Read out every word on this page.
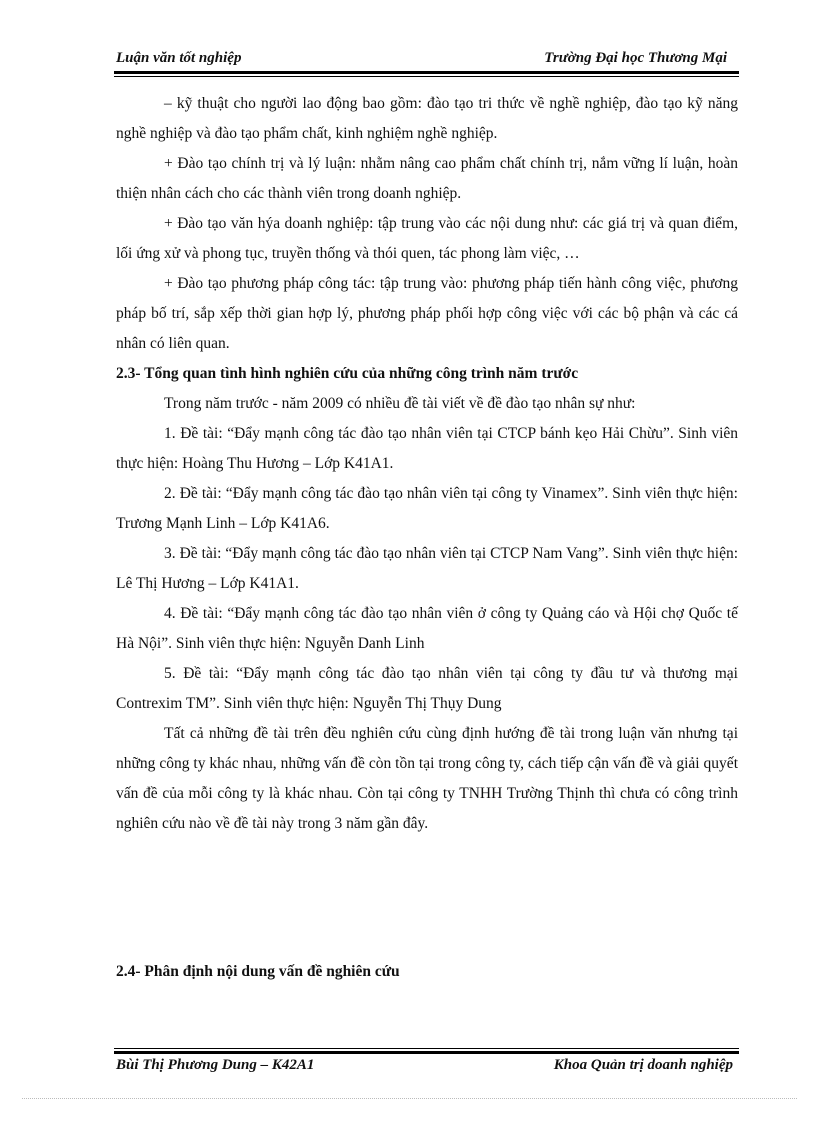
Luận văn tốt nghiệp	Trường Đại học Thương Mại

– kỹ thuật cho người lao động bao gồm: đào tạo tri thức về nghề nghiệp, đào tạo kỹ năng nghề nghiệp và đào tạo phẩm chất, kinh nghiệm nghề nghiệp.

+ Đào tạo chính trị và lý luận: nhằm nâng cao phẩm chất chính trị, nắm vững lí luận, hoàn thiện nhân cách cho các thành viên trong doanh nghiệp.

+ Đào tạo văn hýa doanh nghiệp: tập trung vào các nội dung như: các giá trị và quan điểm, lối ứng xử và phong tục, truyền thống và thói quen, tác phong làm việc, …

+ Đào tạo phương pháp công tác: tập trung vào: phương pháp tiến hành công việc, phương pháp bố trí, sắp xếp thời gian hợp lý, phương pháp phối hợp công việc với các bộ phận và các cá nhân có liên quan.

2.3- Tổng quan tình hình nghiên cứu của những công trình năm trước

Trong năm trước - năm 2009 có nhiều đề tài viết về đề đào tạo nhân sự như:

1. Đề tài: “Đẩy mạnh công tác đào tạo nhân viên tại CTCP bánh kẹo Hải Chừu”. Sinh viên thực hiện: Hoàng Thu Hương – Lớp K41A1.

2. Đề tài: “Đẩy mạnh công tác đào tạo nhân viên tại công ty Vinamex”. Sinh viên thực hiện: Trương Mạnh Linh – Lớp K41A6.

3. Đề tài: “Đẩy mạnh công tác đào tạo nhân viên tại CTCP Nam Vang”. Sinh viên thực hiện: Lê Thị Hương – Lớp K41A1.

4. Đề tài: “Đẩy mạnh công tác đào tạo nhân viên ở công ty Quảng cáo và Hội chợ Quốc tế Hà Nội”. Sinh viên thực hiện: Nguyễn Danh Linh

5. Đề tài: “Đẩy mạnh công tác đào tạo nhân viên tại công ty đầu tư và thương mại Contrexim TM”. Sinh viên thực hiện: Nguyễn Thị Thụy Dung

Tất cả những đề tài trên đều nghiên cứu cùng định hướng đề tài trong luận văn nhưng tại những công ty khác nhau, những vấn đề còn tồn tại trong công ty, cách tiếp cận vấn đề và giải quyết vấn đề của mỗi công ty là khác nhau. Còn tại công ty TNHH Trường Thịnh thì chưa có công trình nghiên cứu nào về đề tài này trong 3 năm gần đây.

2.4- Phân định nội dung vấn đề nghiên cứu

Bùi Thị Phương Dung – K42A1	Khoa Quản trị doanh nghiệp
